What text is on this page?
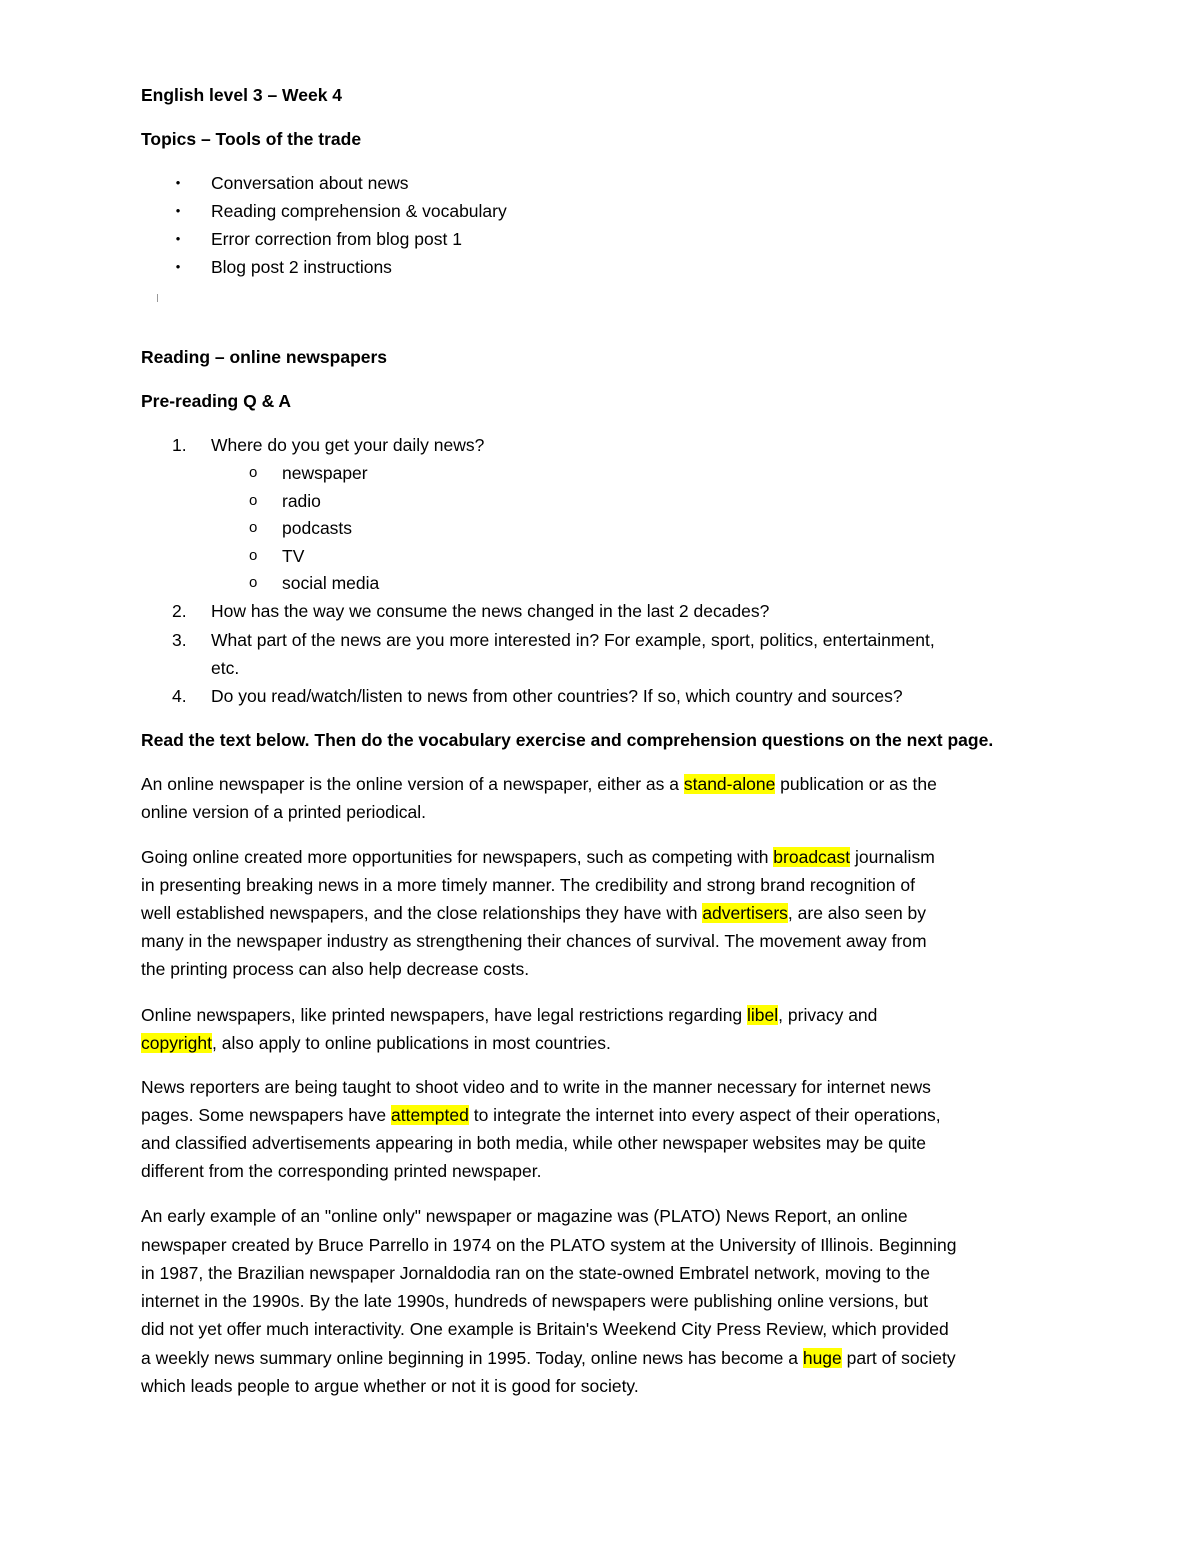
English level 3 – Week 4
Topics – Tools of the trade
• Conversation about news
• Reading comprehension & vocabulary
• Error correction from blog post 1
• Blog post 2 instructions
Reading – online newspapers
Pre-reading Q & A
1. Where do you get your daily news?
o newspaper
o radio
o podcasts
o TV
o social media
2. How has the way we consume the news changed in the last 2 decades?
3. What part of the news are you more interested in? For example, sport, politics, entertainment,
etc.
4. Do you read/watch/listen to news from other countries? If so, which country and sources?
Read the text below. Then do the vocabulary exercise and comprehension questions on the next page.
An online newspaper is the online version of a newspaper, either as a stand-alone publication or as the
online version of a printed periodical.
Going online created more opportunities for newspapers, such as competing with broadcast journalism
in presenting breaking news in a more timely manner. The credibility and strong brand recognition of
well established newspapers, and the close relationships they have with advertisers, are also seen by
many in the newspaper industry as strengthening their chances of survival. The movement away from
the printing process can also help decrease costs.
Online newspapers, like printed newspapers, have legal restrictions regarding libel, privacy and
copyright, also apply to online publications in most countries.
News reporters are being taught to shoot video and to write in the manner necessary for internet news
pages. Some newspapers have attempted to integrate the internet into every aspect of their operations,
and classified advertisements appearing in both media, while other newspaper websites may be quite
different from the corresponding printed newspaper.
An early example of an "online only" newspaper or magazine was (PLATO) News Report, an online
newspaper created by Bruce Parrello in 1974 on the PLATO system at the University of Illinois. Beginning
in 1987, the Brazilian newspaper Jornaldodia ran on the state-owned Embratel network, moving to the
internet in the 1990s. By the late 1990s, hundreds of newspapers were publishing online versions, but
did not yet offer much interactivity. One example is Britain's Weekend City Press Review, which provided
a weekly news summary online beginning in 1995. Today, online news has become a huge part of society
which leads people to argue whether or not it is good for society.
